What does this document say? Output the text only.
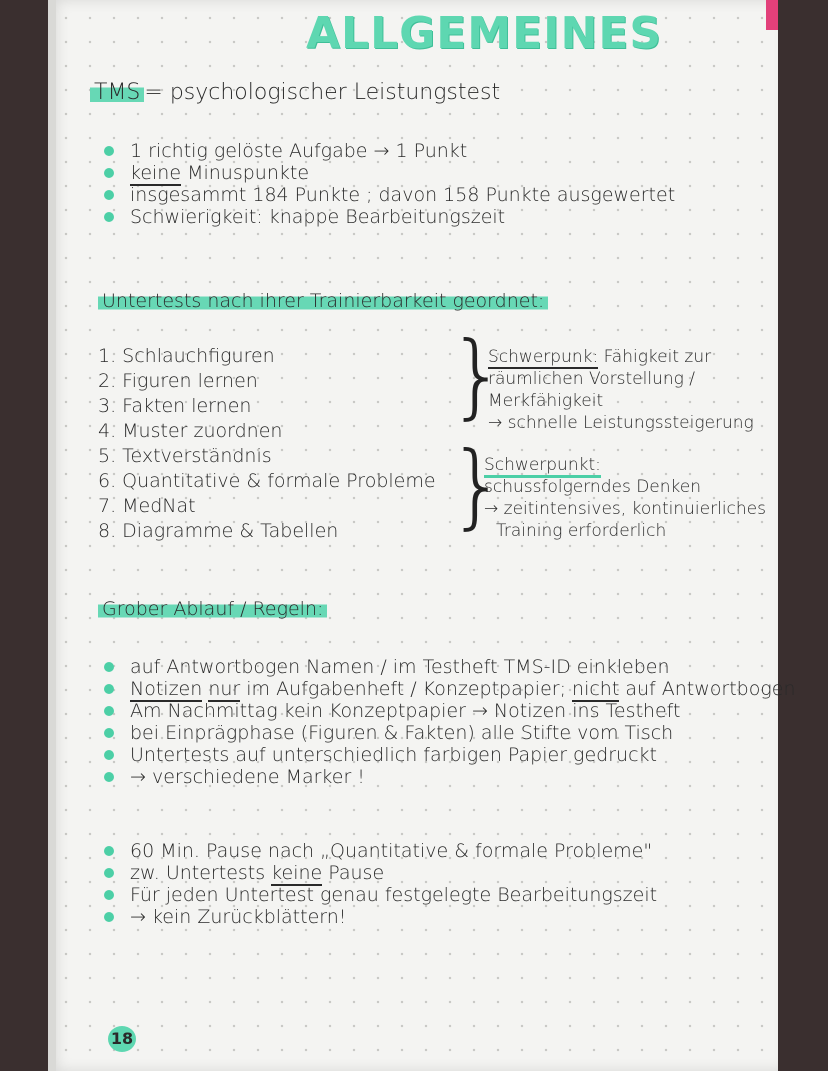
ALLGEMEINES
TMS = psychologischer Leistungstest
1 richtig gelöste Aufgabe → 1 Punkt
keine Minuspunkte
insgesammt 184 Punkte ; davon 158 Punkte ausgewertet
Schwierigkeit: knappe Bearbeitungszeit
Untertests nach ihrer Trainierbarkeit geordnet:
1. Schlauchfiguren
2. Figuren lernen
3. Fakten lernen
4. Muster zuordnen
5. Textverständnis
6. Quantitative & formale Probleme
7. MedNat
8. Diagramme & Tabellen
}
}
Schwerpunk: Fähigkeit zur
räumlichen Vorstellung /
Merkfähigkeit
→ schnelle Leistungssteigerung
Schwerpunkt:
schussfolgerndes Denken
→ zeitintensives, kontinuierliches
Training erforderlich
Grober Ablauf / Regeln:
auf Antwortbogen Namen / im Testheft TMS-ID einkleben
Notizen nur im Aufgabenheft / Konzeptpapier; nicht auf Antwortbogen
Am Nachmittag kein Konzeptpapier → Notizen ins Testheft
bei Einprägphase (Figuren & Fakten) alle Stifte vom Tisch
Untertests auf unterschiedlich farbigen Papier gedruckt
→ verschiedene Marker !
60 Min. Pause nach „Quantitative & formale Probleme"
zw. Untertests keine Pause
Für jeden Untertest genau festgelegte Bearbeitungszeit
→ kein Zurückblättern!
18
